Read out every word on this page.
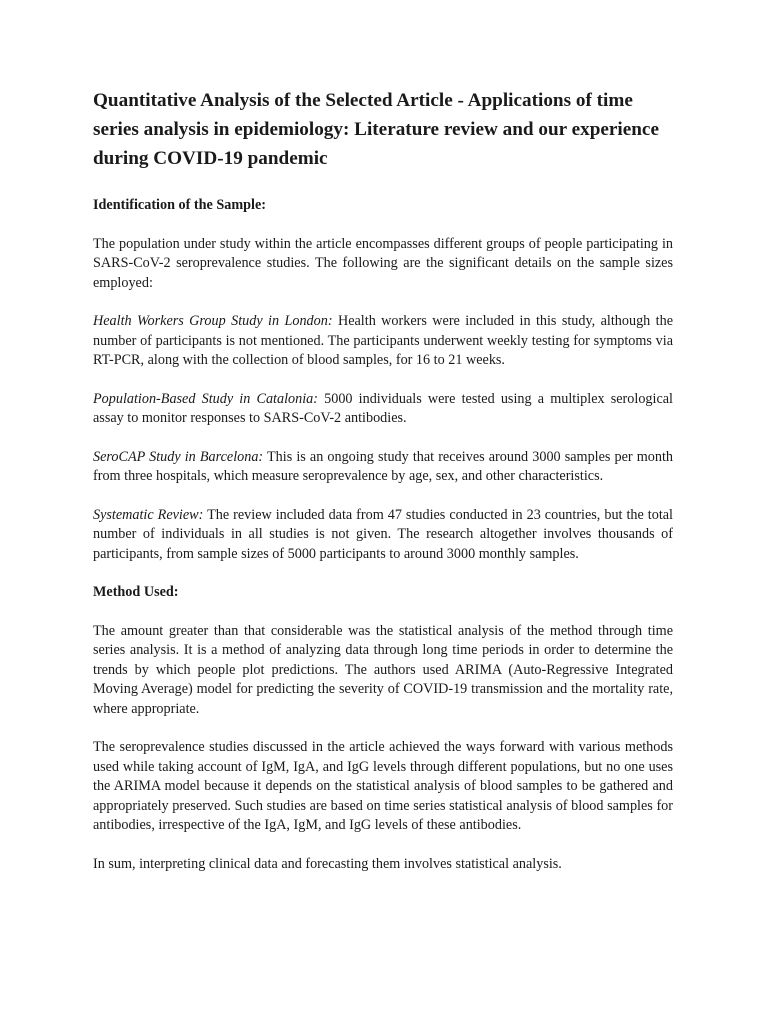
Quantitative Analysis of the Selected Article - Applications of time series analysis in epidemiology: Literature review and our experience during COVID-19 pandemic
Identification of the Sample:

The population under study within the article encompasses different groups of people participating in SARS-CoV-2 seroprevalence studies. The following are the significant details on the sample sizes employed:

Health Workers Group Study in London: Health workers were included in this study, although the number of participants is not mentioned. The participants underwent weekly testing for symptoms via RT-PCR, along with the collection of blood samples, for 16 to 21 weeks.

Population-Based Study in Catalonia: 5000 individuals were tested using a multiplex serological assay to monitor responses to SARS-CoV-2 antibodies.

SeroCAP Study in Barcelona: This is an ongoing study that receives around 3000 samples per month from three hospitals, which measure seroprevalence by age, sex, and other characteristics.

Systematic Review: The review included data from 47 studies conducted in 23 countries, but the total number of individuals in all studies is not given. The research altogether involves thousands of participants, from sample sizes of 5000 participants to around 3000 monthly samples.

Method Used:

The amount greater than that considerable was the statistical analysis of the method through time series analysis. It is a method of analyzing data through long time periods in order to determine the trends by which people plot predictions. The authors used ARIMA (Auto-Regressive Integrated Moving Average) model for predicting the severity of COVID-19 transmission and the mortality rate, where appropriate.

The seroprevalence studies discussed in the article achieved the ways forward with various methods used while taking account of IgM, IgA, and IgG levels through different populations, but no one uses the ARIMA model because it depends on the statistical analysis of blood samples to be gathered and appropriately preserved. Such studies are based on time series statistical analysis of blood samples for antibodies, irrespective of the IgA, IgM, and IgG levels of these antibodies.

In sum, interpreting clinical data and forecasting them involves statistical analysis.
